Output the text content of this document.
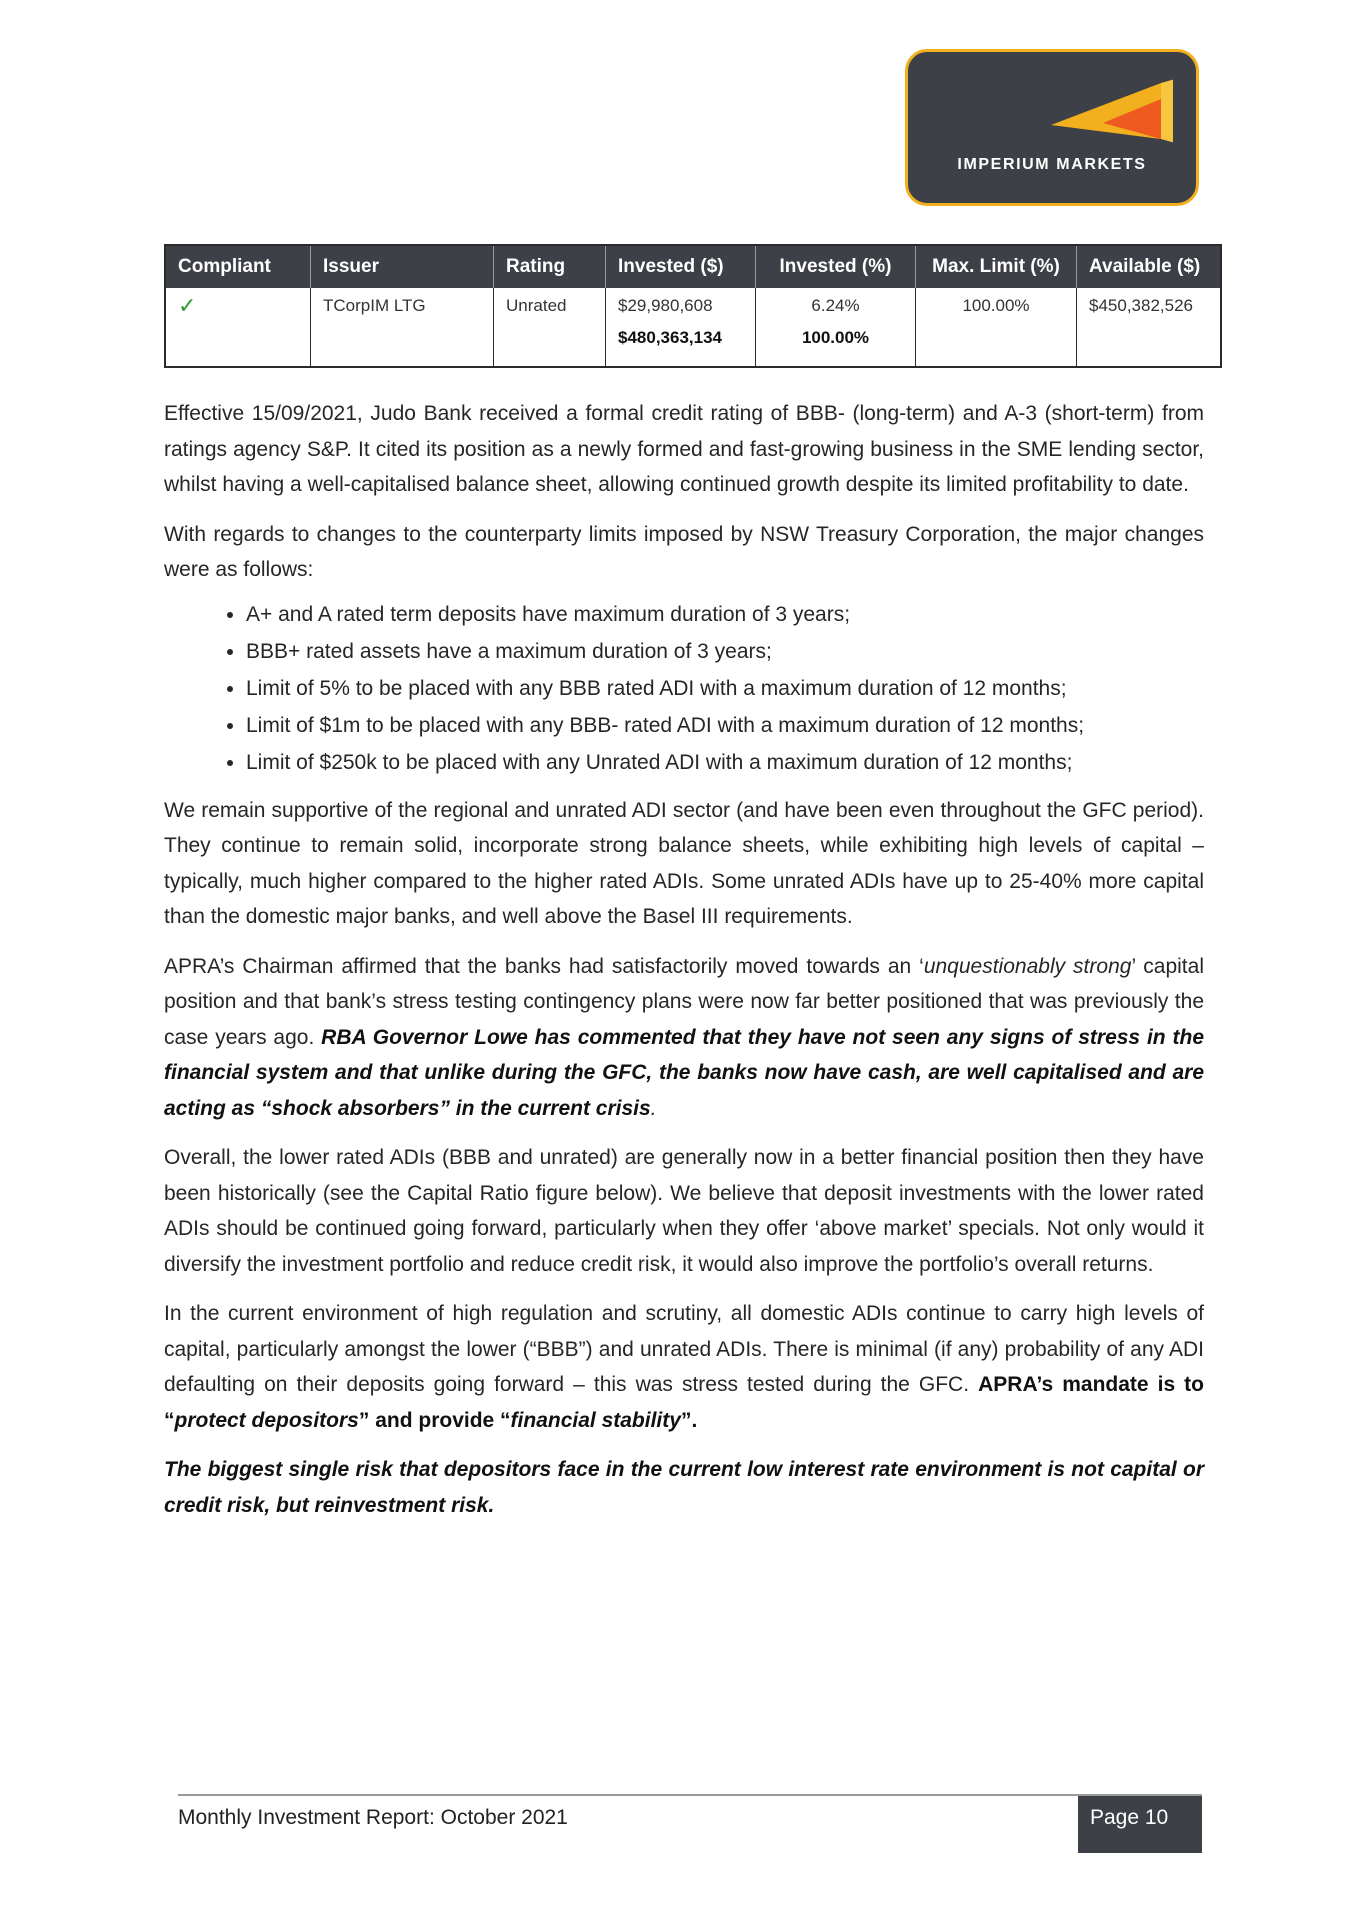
IMPERIUM MARKETS
Compliant	Issuer	Rating	Invested ($)	Invested (%)	Max. Limit (%)	Available ($)
✓	TCorpIM LTG	Unrated	$29,980,608	6.24%	100.00%	$450,382,526
			$480,363,134	100.00%		

Effective 15/09/2021, Judo Bank received a formal credit rating of BBB- (long-term) and A-3 (short-term) from ratings agency S&P. It cited its position as a newly formed and fast-growing business in the SME lending sector, whilst having a well-capitalised balance sheet, allowing continued growth despite its limited profitability to date.

With regards to changes to the counterparty limits imposed by NSW Treasury Corporation, the major changes were as follows:

• A+ and A rated term deposits have maximum duration of 3 years;
• BBB+ rated assets have a maximum duration of 3 years;
• Limit of 5% to be placed with any BBB rated ADI with a maximum duration of 12 months;
• Limit of $1m to be placed with any BBB- rated ADI with a maximum duration of 12 months;
• Limit of $250k to be placed with any Unrated ADI with a maximum duration of 12 months;

We remain supportive of the regional and unrated ADI sector (and have been even throughout the GFC period). They continue to remain solid, incorporate strong balance sheets, while exhibiting high levels of capital – typically, much higher compared to the higher rated ADIs. Some unrated ADIs have up to 25-40% more capital than the domestic major banks, and well above the Basel III requirements.

APRA’s Chairman affirmed that the banks had satisfactorily moved towards an ‘unquestionably strong’ capital position and that bank’s stress testing contingency plans were now far better positioned that was previously the case years ago. RBA Governor Lowe has commented that they have not seen any signs of stress in the financial system and that unlike during the GFC, the banks now have cash, are well capitalised and are acting as “shock absorbers” in the current crisis.

Overall, the lower rated ADIs (BBB and unrated) are generally now in a better financial position then they have been historically (see the Capital Ratio figure below). We believe that deposit investments with the lower rated ADIs should be continued going forward, particularly when they offer ‘above market’ specials. Not only would it diversify the investment portfolio and reduce credit risk, it would also improve the portfolio’s overall returns.

In the current environment of high regulation and scrutiny, all domestic ADIs continue to carry high levels of capital, particularly amongst the lower (“BBB”) and unrated ADIs. There is minimal (if any) probability of any ADI defaulting on their deposits going forward – this was stress tested during the GFC. APRA’s mandate is to “protect depositors” and provide “financial stability”.

The biggest single risk that depositors face in the current low interest rate environment is not capital or credit risk, but reinvestment risk.

Monthly Investment Report: October 2021	Page 10
